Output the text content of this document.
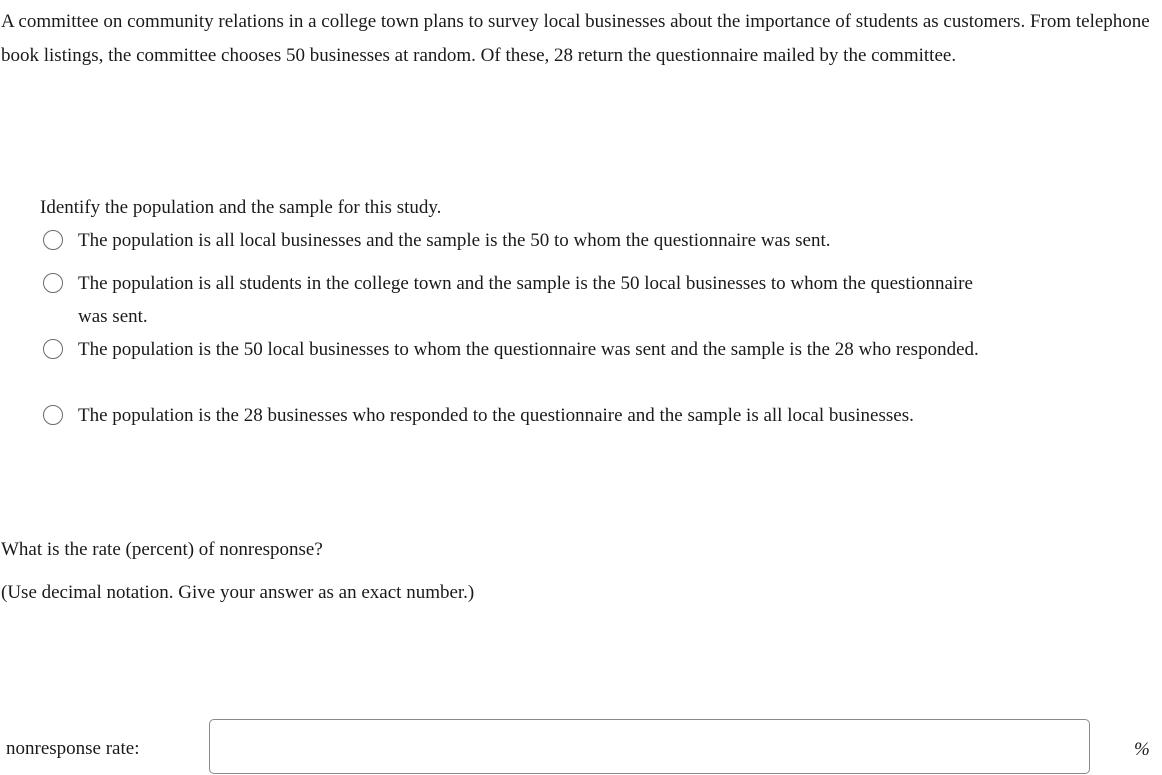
A committee on community relations in a college town plans to survey local businesses about the importance of students as customers. From telephone book listings, the committee chooses 50 businesses at random. Of these, 28 return the questionnaire mailed by the committee.

Identify the population and the sample for this study.

The population is all local businesses and the sample is the 50 to whom the questionnaire was sent.
The population is all students in the college town and the sample is the 50 local businesses to whom the questionnaire was sent.
The population is the 50 local businesses to whom the questionnaire was sent and the sample is the 28 who responded.
The population is the 28 businesses who responded to the questionnaire and the sample is all local businesses.

What is the rate (percent) of nonresponse?

(Use decimal notation. Give your answer as an exact number.)

nonresponse rate:	%
